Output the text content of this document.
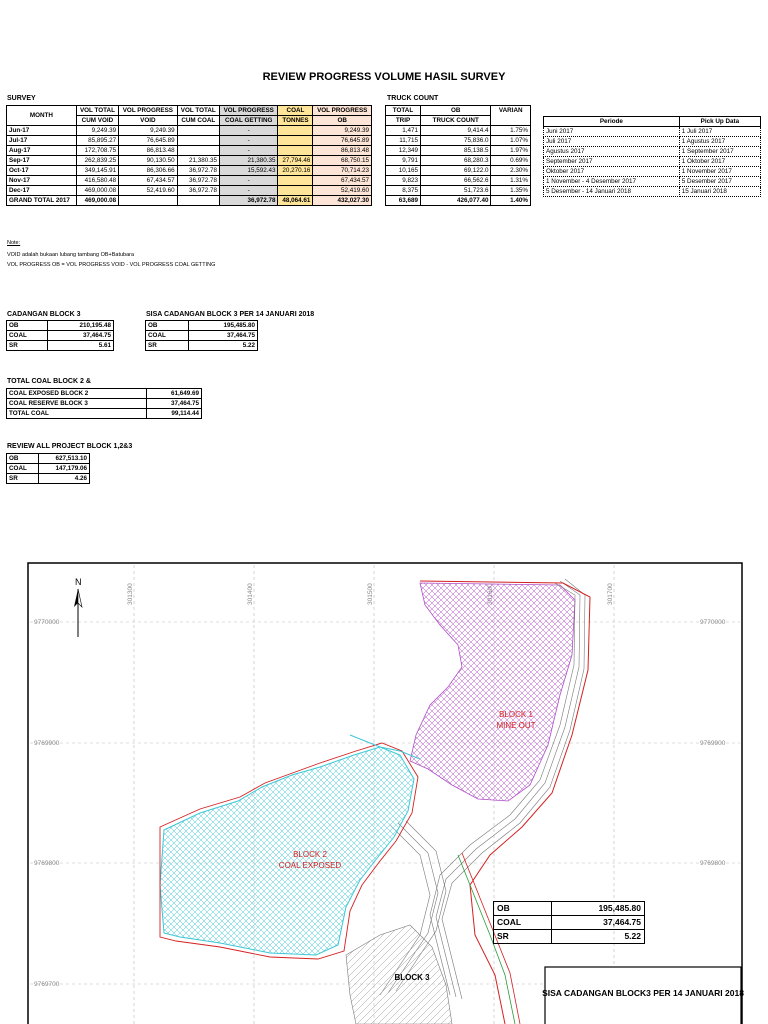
REVIEW PROGRESS VOLUME HASIL SURVEY
SURVEY
MONTH	VOL TOTAL	VOL PROGRESS	VOL TOTAL	VOL PROGRESS	COAL	VOL PROGRESS
	CUM VOID	VOID	CUM COAL	COAL GETTING	TONNES	OB
Jun-17	9,249.39	9,249.39		-		9,249.39
Jul-17	85,895.27	76,645.89		-		76,645.89
Aug-17	172,708.75	86,813.48		-		86,813.48
Sep-17	262,839.25	90,130.50	21,380.35	21,380.35	27,794.46	68,750.15
Oct-17	349,145.91	86,306.66	36,972.78	15,592.43	20,270.16	70,714.23
Nov-17	416,580.48	67,434.57	36,972.78	-		67,434.57
Dec-17	469,000.08	52,419.60	36,972.78	-		52,419.60
GRAND TOTAL 2017	469,000.08			36,972.78	48,064.61	432,027.30
TRUCK COUNT
TOTAL	OB	VARIAN
TRIP	TRUCK COUNT	
1,471	9,414.4	1.75%
11,715	75,836.0	1.07%
12,349	85,138.5	1.97%
9,791	68,280.3	0.69%
10,165	69,122.0	2.30%
9,823	66,562.6	1.31%
8,375	51,723.6	1.35%
63,689	426,077.40	1.40%
Periode	Pick Up Data
Juni 2017	1 Juli 2017
Juli 2017	1 Agustus 2017
Agustus 2017	1 September 2017
September 2017	1 Oktober 2017
Oktober 2017	1 November 2017
1 November - 4 Desember 2017	5 Desember 2017
5 Desember - 14 Januari 2018	15 Januari 2018
Note:
VOID adalah bukaan lubang tambang OB+Batubara
VOL PROGRESS OB = VOL PROGRESS VOID - VOL PROGRESS COAL GETTING
CADANGAN BLOCK 3
OB	210,195.48
COAL	37,464.75
SR	5.61
SISA CADANGAN BLOCK 3 PER 14 JANUARI 2018
OB	195,485.80
COAL	37,464.75
SR	5.22
TOTAL COAL BLOCK 2 &
COAL EXPOSED BLOCK 2	61,649.69
COAL RESERVE BLOCK 3	37,464.75
TOTAL COAL	99,114.44
REVIEW ALL PROJECT BLOCK 1,2&3
OB	627,513.10
COAL	147,179.06
SR	4.26
301300	301400	301500	301700
9770000	9770000
9769900	9769900
9769800	9769800
9769700
N
BLOCK 1
MINE OUT
BLOCK 2
COAL EXPOSED
BLOCK 3
SISA CADANGAN BLOCK3 PER 14 JANUARI 2018
OB	195,485.80
COAL	37,464.75
SR	5.22
